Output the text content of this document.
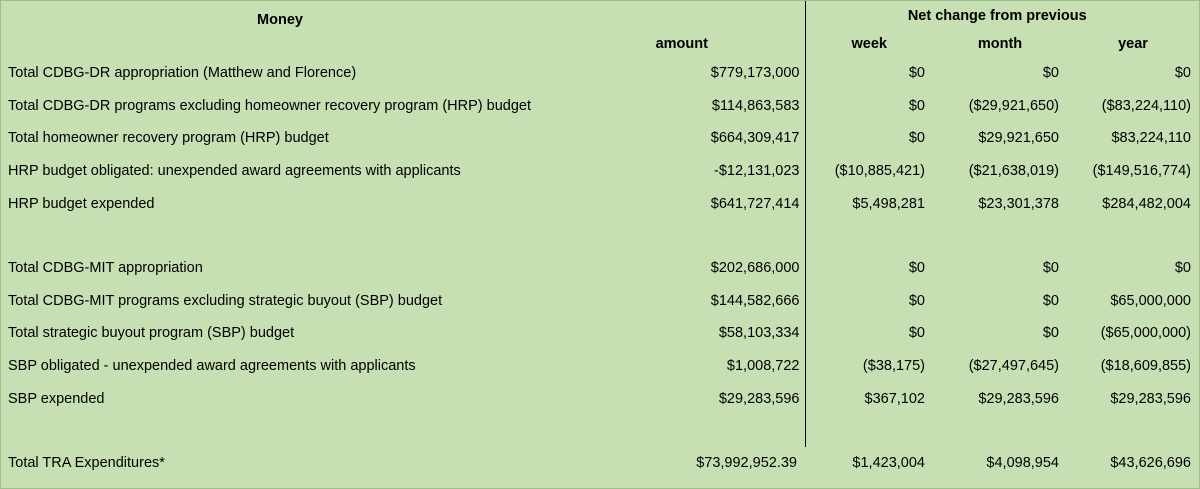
Money		Net change from previous		
	amount	week	month	year
Total CDBG-DR appropriation (Matthew and Florence)	$779,173,000	$0	$0	$0
Total CDBG-DR programs excluding homeowner recovery program (HRP) budget	$114,863,583	$0	($29,921,650)	($83,224,110)
Total homeowner recovery program (HRP) budget	$664,309,417	$0	$29,921,650	$83,224,110
HRP budget obligated: unexpended award agreements with applicants	-$12,131,023	($10,885,421)	($21,638,019)	($149,516,774)
HRP budget expended	$641,727,414	$5,498,281	$23,301,378	$284,482,004

Total CDBG-MIT appropriation	$202,686,000	$0	$0	$0
Total CDBG-MIT programs excluding strategic buyout (SBP) budget	$144,582,666	$0	$0	$65,000,000
Total strategic buyout program (SBP) budget	$58,103,334	$0	$0	($65,000,000)
SBP obligated - unexpended award agreements with applicants	$1,008,722	($38,175)	($27,497,645)	($18,609,855)
SBP expended	$29,283,596	$367,102	$29,283,596	$29,283,596

Total TRA Expenditures*	$73,992,952.39	$1,423,004	$4,098,954	$43,626,696
